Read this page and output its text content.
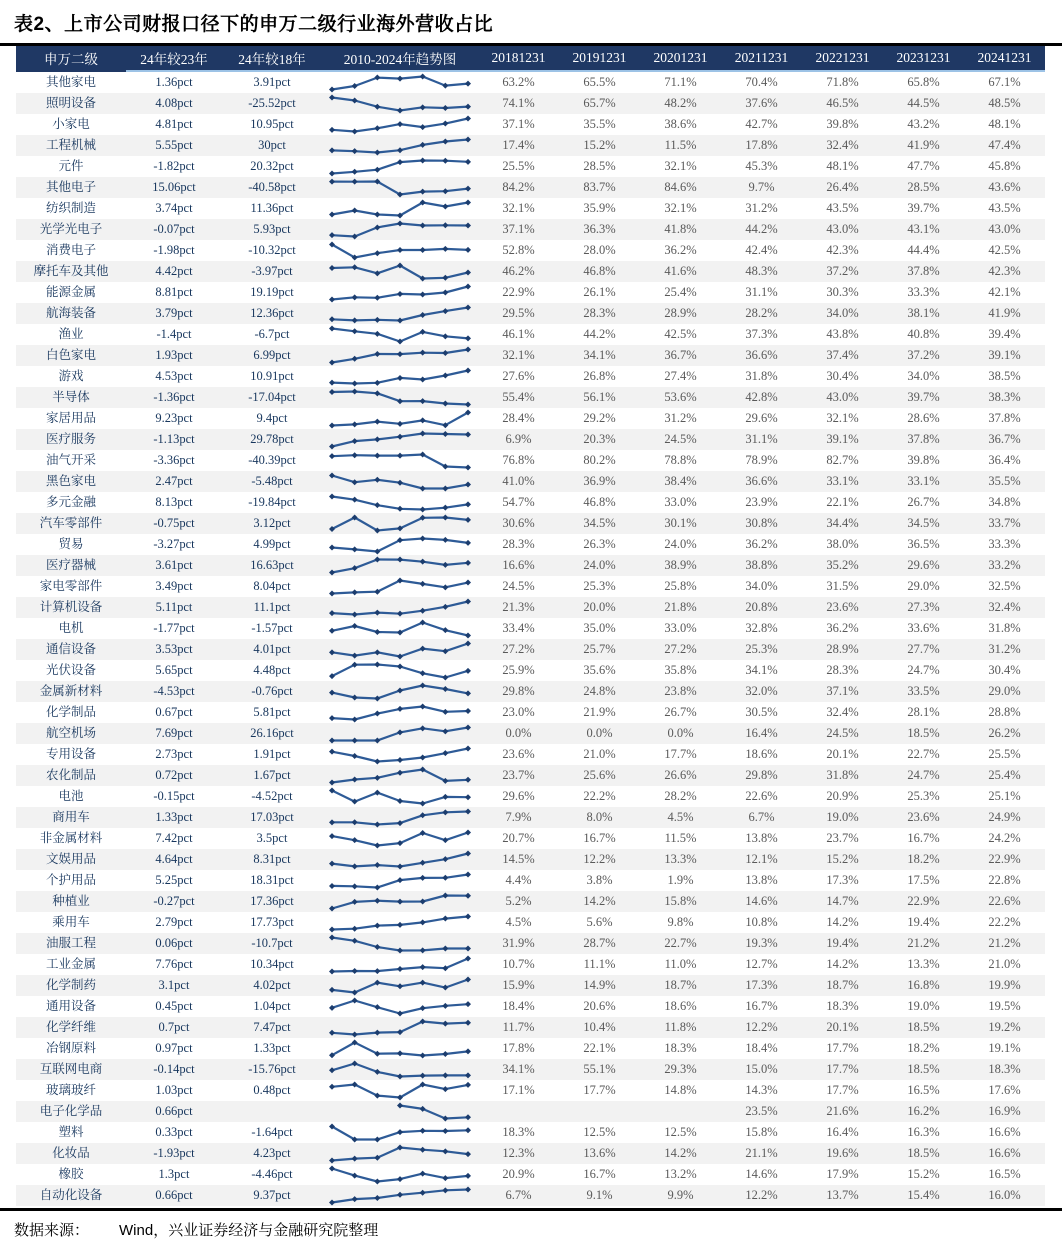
表2、上市公司财报口径下的申万二级行业海外营收占比
申万二级	24年较23年	24年较18年	2010-2024年趋势图	20181231	20191231	20201231	20211231	20221231	20231231	20241231
其他家电	1.36pct	3.91pct		63.2%	65.5%	71.1%	70.4%	71.8%	65.8%	67.1%
照明设备	4.08pct	-25.52pct		74.1%	65.7%	48.2%	37.6%	46.5%	44.5%	48.5%
小家电	4.81pct	10.95pct		37.1%	35.5%	38.6%	42.7%	39.8%	43.2%	48.1%
工程机械	5.55pct	30pct		17.4%	15.2%	11.5%	17.8%	32.4%	41.9%	47.4%
元件	-1.82pct	20.32pct		25.5%	28.5%	32.1%	45.3%	48.1%	47.7%	45.8%
其他电子	15.06pct	-40.58pct		84.2%	83.7%	84.6%	9.7%	26.4%	28.5%	43.6%
纺织制造	3.74pct	11.36pct		32.1%	35.9%	32.1%	31.2%	43.5%	39.7%	43.5%
光学光电子	-0.07pct	5.93pct		37.1%	36.3%	41.8%	44.2%	43.0%	43.1%	43.0%
消费电子	-1.98pct	-10.32pct		52.8%	28.0%	36.2%	42.4%	42.3%	44.4%	42.5%
摩托车及其他	4.42pct	-3.97pct		46.2%	46.8%	41.6%	48.3%	37.2%	37.8%	42.3%
能源金属	8.81pct	19.19pct		22.9%	26.1%	25.4%	31.1%	30.3%	33.3%	42.1%
航海装备	3.79pct	12.36pct		29.5%	28.3%	28.9%	28.2%	34.0%	38.1%	41.9%
渔业	-1.4pct	-6.7pct		46.1%	44.2%	42.5%	37.3%	43.8%	40.8%	39.4%
白色家电	1.93pct	6.99pct		32.1%	34.1%	36.7%	36.6%	37.4%	37.2%	39.1%
游戏	4.53pct	10.91pct		27.6%	26.8%	27.4%	31.8%	30.4%	34.0%	38.5%
半导体	-1.36pct	-17.04pct		55.4%	56.1%	53.6%	42.8%	43.0%	39.7%	38.3%
家居用品	9.23pct	9.4pct		28.4%	29.2%	31.2%	29.6%	32.1%	28.6%	37.8%
医疗服务	-1.13pct	29.78pct		6.9%	20.3%	24.5%	31.1%	39.1%	37.8%	36.7%
油气开采	-3.36pct	-40.39pct		76.8%	80.2%	78.8%	78.9%	82.7%	39.8%	36.4%
黑色家电	2.47pct	-5.48pct		41.0%	36.9%	38.4%	36.6%	33.1%	33.1%	35.5%
多元金融	8.13pct	-19.84pct		54.7%	46.8%	33.0%	23.9%	22.1%	26.7%	34.8%
汽车零部件	-0.75pct	3.12pct		30.6%	34.5%	30.1%	30.8%	34.4%	34.5%	33.7%
贸易	-3.27pct	4.99pct		28.3%	26.3%	24.0%	36.2%	38.0%	36.5%	33.3%
医疗器械	3.61pct	16.63pct		16.6%	24.0%	38.9%	38.8%	35.2%	29.6%	33.2%
家电零部件	3.49pct	8.04pct		24.5%	25.3%	25.8%	34.0%	31.5%	29.0%	32.5%
计算机设备	5.11pct	11.1pct		21.3%	20.0%	21.8%	20.8%	23.6%	27.3%	32.4%
电机	-1.77pct	-1.57pct		33.4%	35.0%	33.0%	32.8%	36.2%	33.6%	31.8%
通信设备	3.53pct	4.01pct		27.2%	25.7%	27.2%	25.3%	28.9%	27.7%	31.2%
光伏设备	5.65pct	4.48pct		25.9%	35.6%	35.8%	34.1%	28.3%	24.7%	30.4%
金属新材料	-4.53pct	-0.76pct		29.8%	24.8%	23.8%	32.0%	37.1%	33.5%	29.0%
化学制品	0.67pct	5.81pct		23.0%	21.9%	26.7%	30.5%	32.4%	28.1%	28.8%
航空机场	7.69pct	26.16pct		0.0%	0.0%	0.0%	16.4%	24.5%	18.5%	26.2%
专用设备	2.73pct	1.91pct		23.6%	21.0%	17.7%	18.6%	20.1%	22.7%	25.5%
农化制品	0.72pct	1.67pct		23.7%	25.6%	26.6%	29.8%	31.8%	24.7%	25.4%
电池	-0.15pct	-4.52pct		29.6%	22.2%	28.2%	22.6%	20.9%	25.3%	25.1%
商用车	1.33pct	17.03pct		7.9%	8.0%	4.5%	6.7%	19.0%	23.6%	24.9%
非金属材料	7.42pct	3.5pct		20.7%	16.7%	11.5%	13.8%	23.7%	16.7%	24.2%
文娱用品	4.64pct	8.31pct		14.5%	12.2%	13.3%	12.1%	15.2%	18.2%	22.9%
个护用品	5.25pct	18.31pct		4.4%	3.8%	1.9%	13.8%	17.3%	17.5%	22.8%
种植业	-0.27pct	17.36pct		5.2%	14.2%	15.8%	14.6%	14.7%	22.9%	22.6%
乘用车	2.79pct	17.73pct		4.5%	5.6%	9.8%	10.8%	14.2%	19.4%	22.2%
油服工程	0.06pct	-10.7pct		31.9%	28.7%	22.7%	19.3%	19.4%	21.2%	21.2%
工业金属	7.76pct	10.34pct		10.7%	11.1%	11.0%	12.7%	14.2%	13.3%	21.0%
化学制药	3.1pct	4.02pct		15.9%	14.9%	18.7%	17.3%	18.7%	16.8%	19.9%
通用设备	0.45pct	1.04pct		18.4%	20.6%	18.6%	16.7%	18.3%	19.0%	19.5%
化学纤维	0.7pct	7.47pct		11.7%	10.4%	11.8%	12.2%	20.1%	18.5%	19.2%
冶钢原料	0.97pct	1.33pct		17.8%	22.1%	18.3%	18.4%	17.7%	18.2%	19.1%
互联网电商	-0.14pct	-15.76pct		34.1%	55.1%	29.3%	15.0%	17.7%	18.5%	18.3%
玻璃玻纤	1.03pct	0.48pct		17.1%	17.7%	14.8%	14.3%	17.7%	16.5%	17.6%
电子化学品	0.66pct						23.5%	21.6%	16.2%	16.9%
塑料	0.33pct	-1.64pct		18.3%	12.5%	12.5%	15.8%	16.4%	16.3%	16.6%
化妆品	-1.93pct	4.23pct		12.3%	13.6%	14.2%	21.1%	19.6%	18.5%	16.6%
橡胶	1.3pct	-4.46pct		20.9%	16.7%	13.2%	14.6%	17.9%	15.2%	16.5%
自动化设备	0.66pct	9.37pct		6.7%	9.1%	9.9%	12.2%	13.7%	15.4%	16.0%
数据来源： Wind，兴业证券经济与金融研究院整理
